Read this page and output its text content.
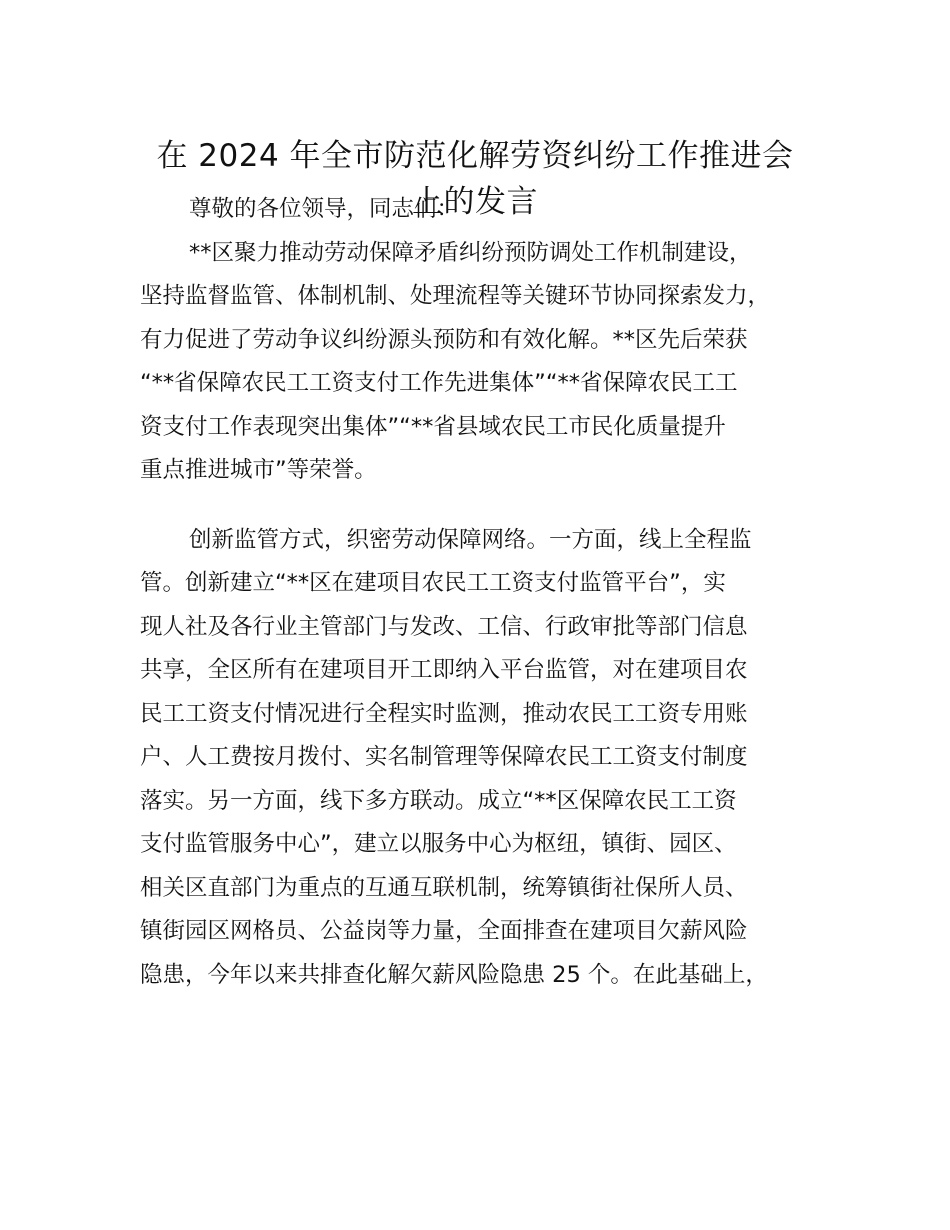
在 2024 年全市防范化解劳资纠纷工作推进会
上的发言

尊敬的各位领导，同志们：

**区聚力推动劳动保障矛盾纠纷预防调处工作机制建设，
坚持监督监管、体制机制、处理流程等关键环节协同探索发力，
有力促进了劳动争议纠纷源头预防和有效化解。**区先后荣获
“**省保障农民工工资支付工作先进集体”“**省保障农民工工
资支付工作表现突出集体”“**省县域农民工市民化质量提升
重点推进城市”等荣誉。

创新监管方式，织密劳动保障网络。一方面，线上全程监
管。创新建立“**区在建项目农民工工资支付监管平台”，实
现人社及各行业主管部门与发改、工信、行政审批等部门信息
共享，全区所有在建项目开工即纳入平台监管，对在建项目农
民工工资支付情况进行全程实时监测，推动农民工工资专用账
户、人工费按月拨付、实名制管理等保障农民工工资支付制度
落实。另一方面，线下多方联动。成立“**区保障农民工工资
支付监管服务中心”，建立以服务中心为枢纽，镇街、园区、
相关区直部门为重点的互通互联机制，统筹镇街社保所人员、
镇街园区网格员、公益岗等力量，全面排查在建项目欠薪风险
隐患，今年以来共排查化解欠薪风险隐患 25 个。在此基础上，
